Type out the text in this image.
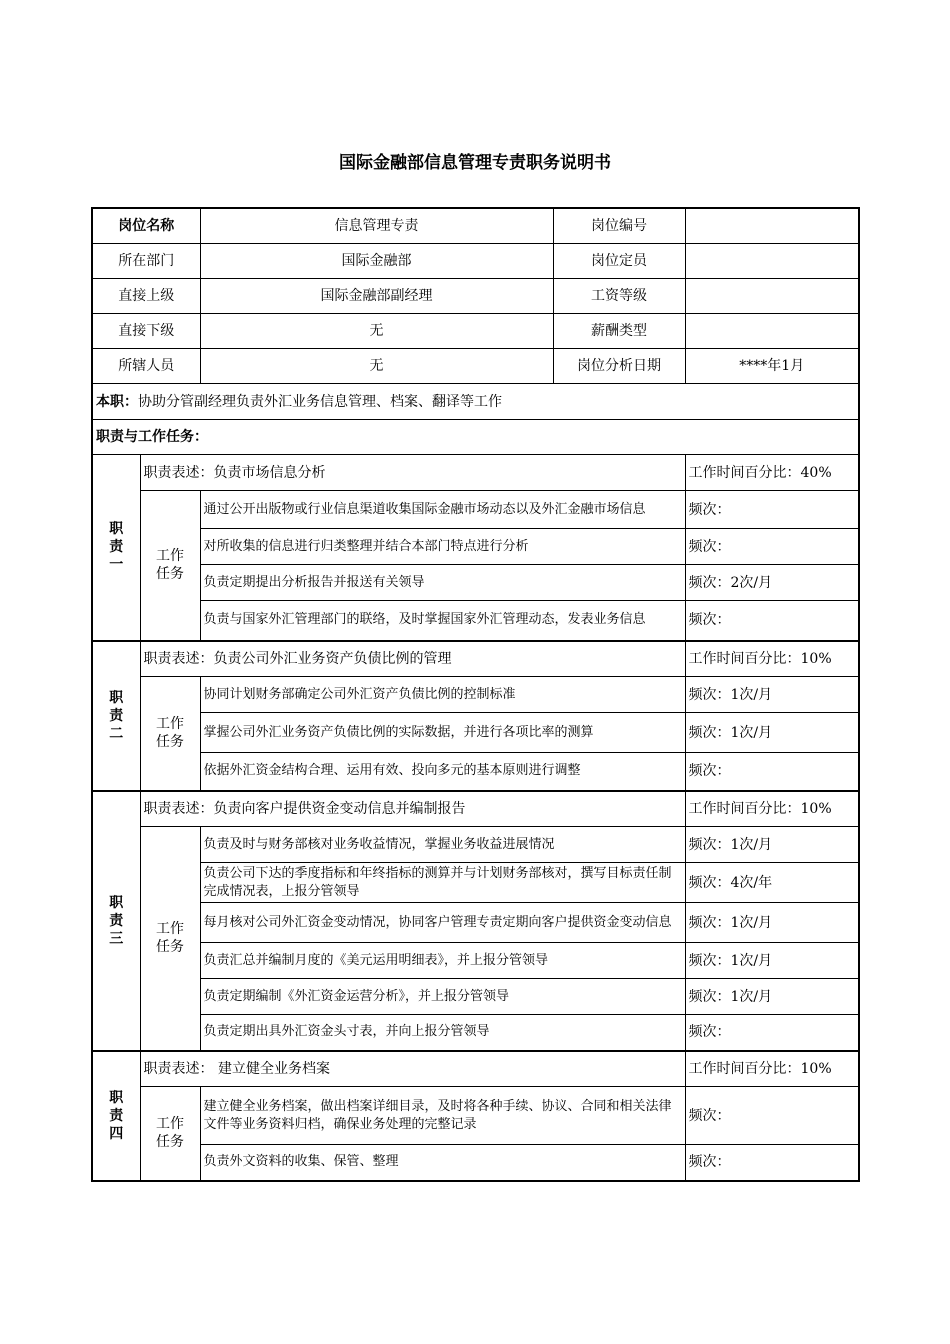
国际金融部信息管理专责职务说明书
岗位名称		信息管理专责	岗位编号	
所在部门		国际金融部	岗位定员	
直接上级		国际金融部副经理	工资等级	
直接下级		无	薪酬类型	
所辖人员		无	岗位分析日期	****年1月
本职：协助分管副经理负责外汇业务信息管理、档案、翻译等工作				
职责与工作任务：				
职责一	职责表述：负责市场信息分析			工作时间百分比：40%
	工作任务	通过公开出版物或行业信息渠道收集国际金融市场动态以及外汇金融市场信息		频次：
		对所收集的信息进行归类整理并结合本部门特点进行分析		频次：
		负责定期提出分析报告并报送有关领导		频次：2次/月
		负责与国家外汇管理部门的联络，及时掌握国家外汇管理动态，发表业务信息		频次：
职责二	职责表述：负责公司外汇业务资产负债比例的管理			工作时间百分比：10%
	工作任务	协同计划财务部确定公司外汇资产负债比例的控制标准		频次：1次/月
		掌握公司外汇业务资产负债比例的实际数据，并进行各项比率的测算		频次：1次/月
		依据外汇资金结构合理、运用有效、投向多元的基本原则进行调整		频次：
职责三	职责表述：负责向客户提供资金变动信息并编制报告			工作时间百分比：10%
	工作任务	负责及时与财务部核对业务收益情况，掌握业务收益进展情况		频次：1次/月
		负责公司下达的季度指标和年终指标的测算并与计划财务部核对，撰写目标责任制完成情况表，上报分管领导		频次：4次/年
		每月核对公司外汇资金变动情况，协同客户管理专责定期向客户提供资金变动信息		频次：1次/月
		负责汇总并编制月度的《美元运用明细表》，并上报分管领导		频次：1次/月
		负责定期编制《外汇资金运营分析》，并上报分管领导		频次：1次/月
		负责定期出具外汇资金头寸表，并向上报分管领导		频次：
职责四	职责表述： 建立健全业务档案			工作时间百分比：10%
	工作任务	建立健全业务档案，做出档案详细目录，及时将各种手续、协议、合同和相关法律文件等业务资料归档，确保业务处理的完整记录		频次：
		负责外文资料的收集、保管、整理		频次：
